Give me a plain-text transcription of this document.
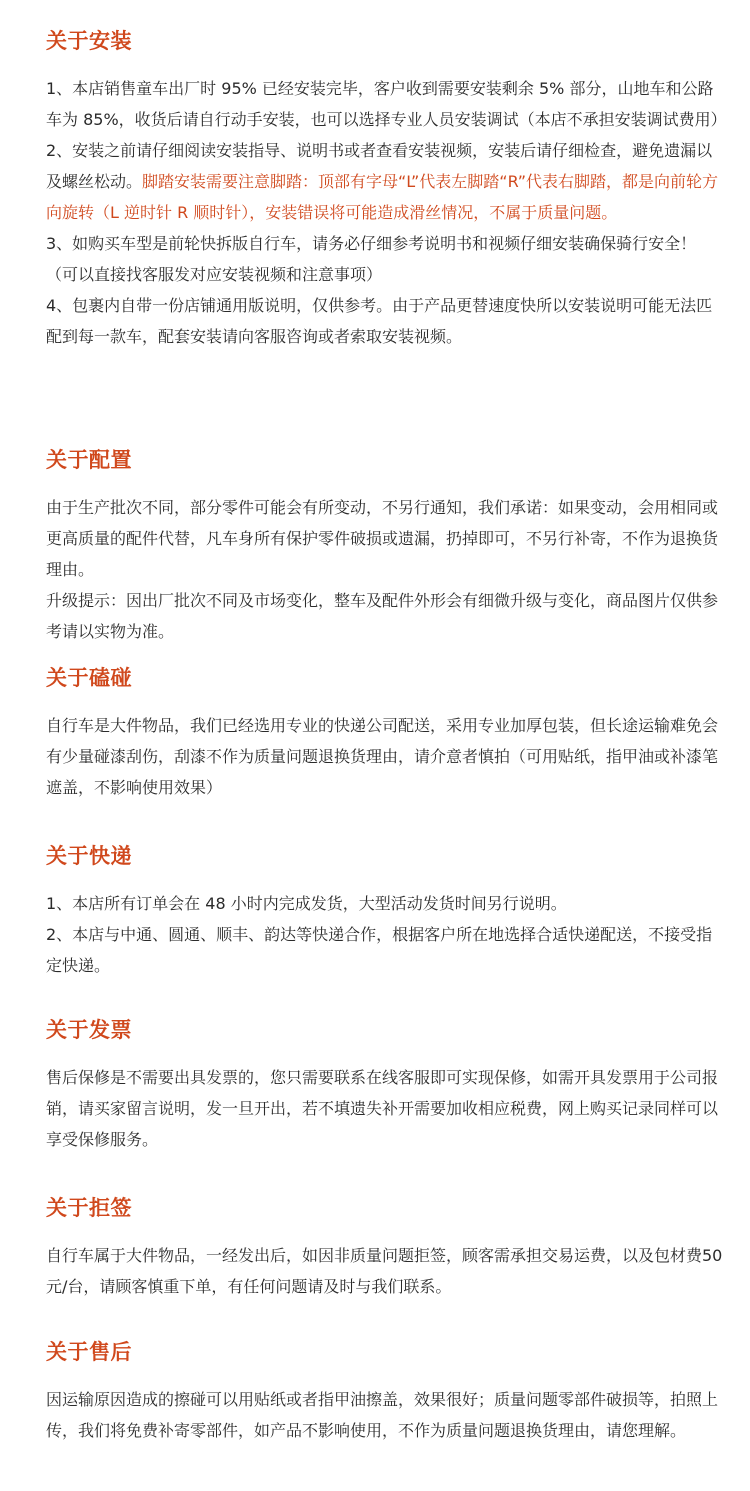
关于安装

1、本店销售童车出厂时 95% 已经安装完毕，客户收到需要安装剩余 5% 部分，山地车和公路车为 85%，收货后请自行动手安装，也可以选择专业人员安装调试（本店不承担安装调试费用）

2、安装之前请仔细阅读安装指导、说明书或者查看安装视频，安装后请仔细检查，避免遗漏以及螺丝松动。脚踏安装需要注意脚踏：顶部有字母“L”代表左脚踏“R”代表右脚踏，都是向前轮方向旋转（L 逆时针 R 顺时针），安装错误将可能造成滑丝情况，不属于质量问题。

3、如购买车型是前轮快拆版自行车，请务必仔细参考说明书和视频仔细安装确保骑行安全！（可以直接找客服发对应安装视频和注意事项）

4、包裹内自带一份店铺通用版说明，仅供参考。由于产品更替速度快所以安装说明可能无法匹配到每一款车，配套安装请向客服咨询或者索取安装视频。

关于配置

由于生产批次不同，部分零件可能会有所变动，不另行通知，我们承诺：如果变动，会用相同或更高质量的配件代替，凡车身所有保护零件破损或遗漏，扔掉即可，不另行补寄，不作为退换货理由。

升级提示：因出厂批次不同及市场变化，整车及配件外形会有细微升级与变化，商品图片仅供参考请以实物为准。

关于磕碰

自行车是大件物品，我们已经选用专业的快递公司配送，采用专业加厚包装，但长途运输难免会有少量碰漆刮伤，刮漆不作为质量问题退换货理由，请介意者慎拍（可用贴纸，指甲油或补漆笔遮盖，不影响使用效果）

关于快递

1、本店所有订单会在 48 小时内完成发货，大型活动发货时间另行说明。

2、本店与中通、圆通、顺丰、韵达等快递合作，根据客户所在地选择合适快递配送，不接受指定快递。

关于发票

售后保修是不需要出具发票的，您只需要联系在线客服即可实现保修，如需开具发票用于公司报销，请买家留言说明，发一旦开出，若不填遗失补开需要加收相应税费，网上购买记录同样可以享受保修服务。

关于拒签

自行车属于大件物品，一经发出后，如因非质量问题拒签，顾客需承担交易运费，以及包材费50元/台，请顾客慎重下单，有任何问题请及时与我们联系。

关于售后

因运输原因造成的擦碰可以用贴纸或者指甲油擦盖，效果很好；质量问题零部件破损等，拍照上传，我们将免费补寄零部件，如产品不影响使用，不作为质量问题退换货理由，请您理解。
